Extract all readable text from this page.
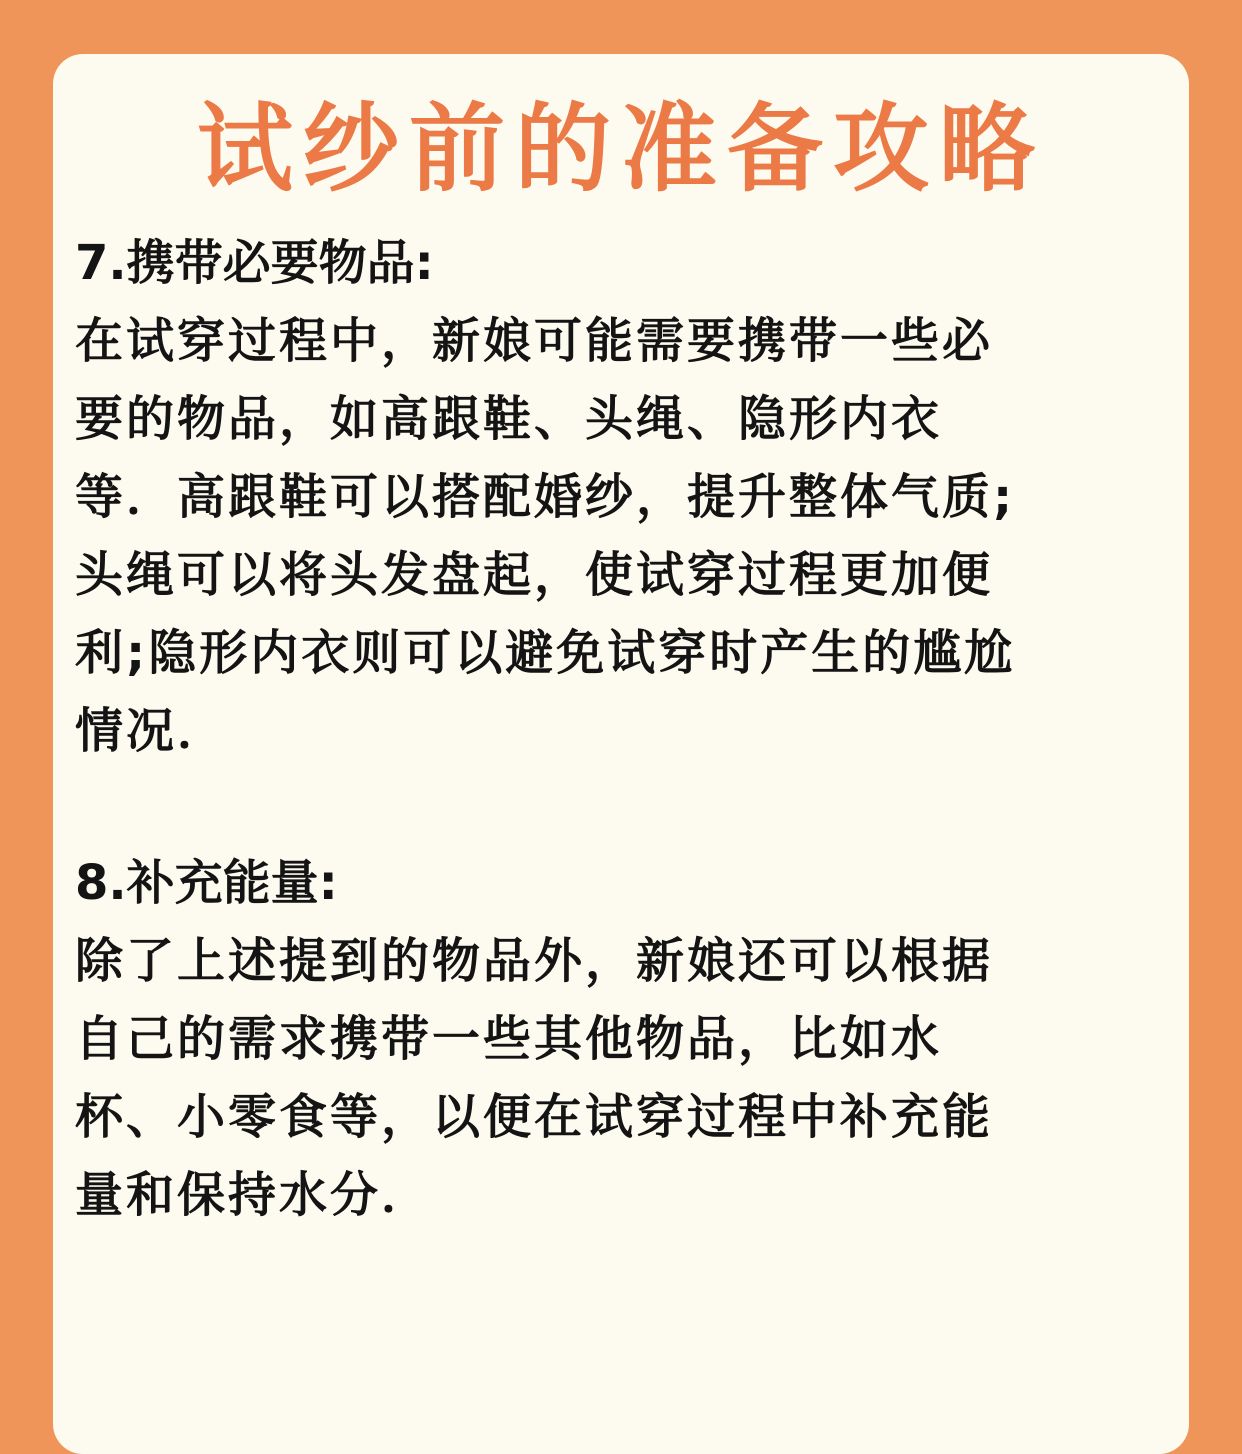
试纱前的准备攻略

7.携带必要物品:

在试穿过程中，新娘可能需要携带一些必
要的物品，如高跟鞋、头绳、隐形内衣
等．高跟鞋可以搭配婚纱，提升整体气质;
头绳可以将头发盘起，使试穿过程更加便
利;隐形内衣则可以避免试穿时产生的尴尬
情况．

8.补充能量:

除了上述提到的物品外，新娘还可以根据
自己的需求携带一些其他物品，比如水
杯、小零食等，以便在试穿过程中补充能
量和保持水分．
